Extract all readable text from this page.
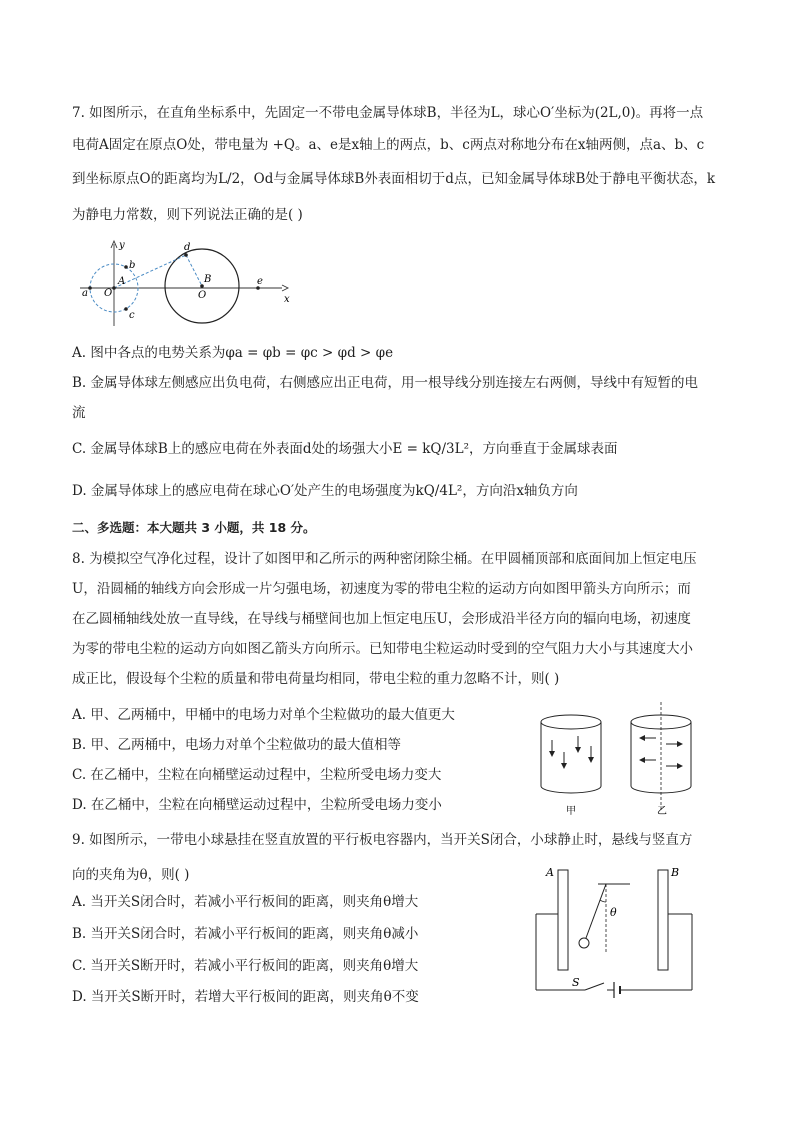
7. 如图所示，在直角坐标系中，先固定一不带电金属导体球B，半径为L，球心O′坐标为(2L,0)。再将一点
电荷A固定在原点O处，带电量为 +Q。a、e是x轴上的两点，b、c两点对称地分布在x轴两侧，点a、b、c
到坐标原点O的距离均为L/2，Od与金属导体球B外表面相切于d点，已知金属导体球B处于静电平衡状态，k
为静电力常数，则下列说法正确的是( )
y
x
a
b
c
A
O
d
B
O
e
A. 图中各点的电势关系为φa = φb = φc > φd > φe
B. 金属导体球左侧感应出负电荷，右侧感应出正电荷，用一根导线分别连接左右两侧，导线中有短暂的电
流
C. 金属导体球B上的感应电荷在外表面d处的场强大小E = kQ/3L²，方向垂直于金属球表面
D. 金属导体球上的感应电荷在球心O′处产生的电场强度为kQ/4L²，方向沿x轴负方向
二、多选题：本大题共 3 小题，共 18 分。
8. 为模拟空气净化过程，设计了如图甲和乙所示的两种密闭除尘桶。在甲圆桶顶部和底面间加上恒定电压
U，沿圆桶的轴线方向会形成一片匀强电场，初速度为零的带电尘粒的运动方向如图甲箭头方向所示；而
在乙圆桶轴线处放一直导线，在导线与桶壁间也加上恒定电压U，会形成沿半径方向的辐向电场，初速度
为零的带电尘粒的运动方向如图乙箭头方向所示。已知带电尘粒运动时受到的空气阻力大小与其速度大小
成正比，假设每个尘粒的质量和带电荷量均相同，带电尘粒的重力忽略不计，则( )
A. 甲、乙两桶中，甲桶中的电场力对单个尘粒做功的最大值更大
B. 甲、乙两桶中，电场力对单个尘粒做功的最大值相等
C. 在乙桶中，尘粒在向桶壁运动过程中，尘粒所受电场力变大
D. 在乙桶中，尘粒在向桶壁运动过程中，尘粒所受电场力变小	甲	乙
9. 如图所示，一带电小球悬挂在竖直放置的平行板电容器内，当开关S闭合，小球静止时，悬线与竖直方
向的夹角为θ，则( )
A. 当开关S闭合时，若减小平行板间的距离，则夹角θ增大
B. 当开关S闭合时，若减小平行板间的距离，则夹角θ减小
C. 当开关S断开时，若减小平行板间的距离，则夹角θ增大
D. 当开关S断开时，若增大平行板间的距离，则夹角θ不变
A	B
θ
S
